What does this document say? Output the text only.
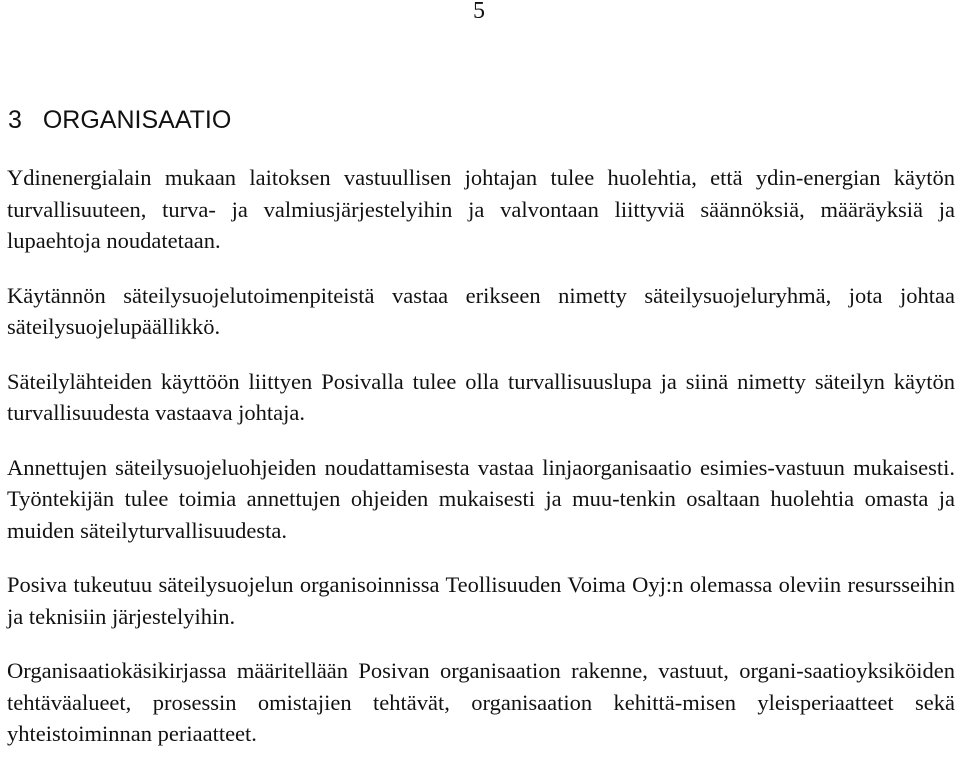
5
3 ORGANISAATIO

Ydinenergialain mukaan laitoksen vastuullisen johtajan tulee huolehtia, että ydin-energian käytön turvallisuuteen, turva- ja valmiusjärjestelyihin ja valvontaan liittyviä säännöksiä, määräyksiä ja lupaehtoja noudatetaan.

Käytännön säteilysuojelutoimenpiteistä vastaa erikseen nimetty säteilysuojeluryhmä, jota johtaa säteilysuojelupäällikkö.

Säteilylähteiden käyttöön liittyen Posivalla tulee olla turvallisuuslupa ja siinä nimetty säteilyn käytön turvallisuudesta vastaava johtaja.

Annettujen säteilysuojeluohjeiden noudattamisesta vastaa linjaorganisaatio esimies-vastuun mukaisesti. Työntekijän tulee toimia annettujen ohjeiden mukaisesti ja muu-tenkin osaltaan huolehtia omasta ja muiden säteilyturvallisuudesta.

Posiva tukeutuu säteilysuojelun organisoinnissa Teollisuuden Voima Oyj:n olemassa oleviin resursseihin ja teknisiin järjestelyihin.

Organisaatiokäsikirjassa määritellään Posivan organisaation rakenne, vastuut, organi-saatioyksiköiden tehtäväalueet, prosessin omistajien tehtävät, organisaation kehittä-misen yleisperiaatteet sekä yhteistoiminnan periaatteet.
